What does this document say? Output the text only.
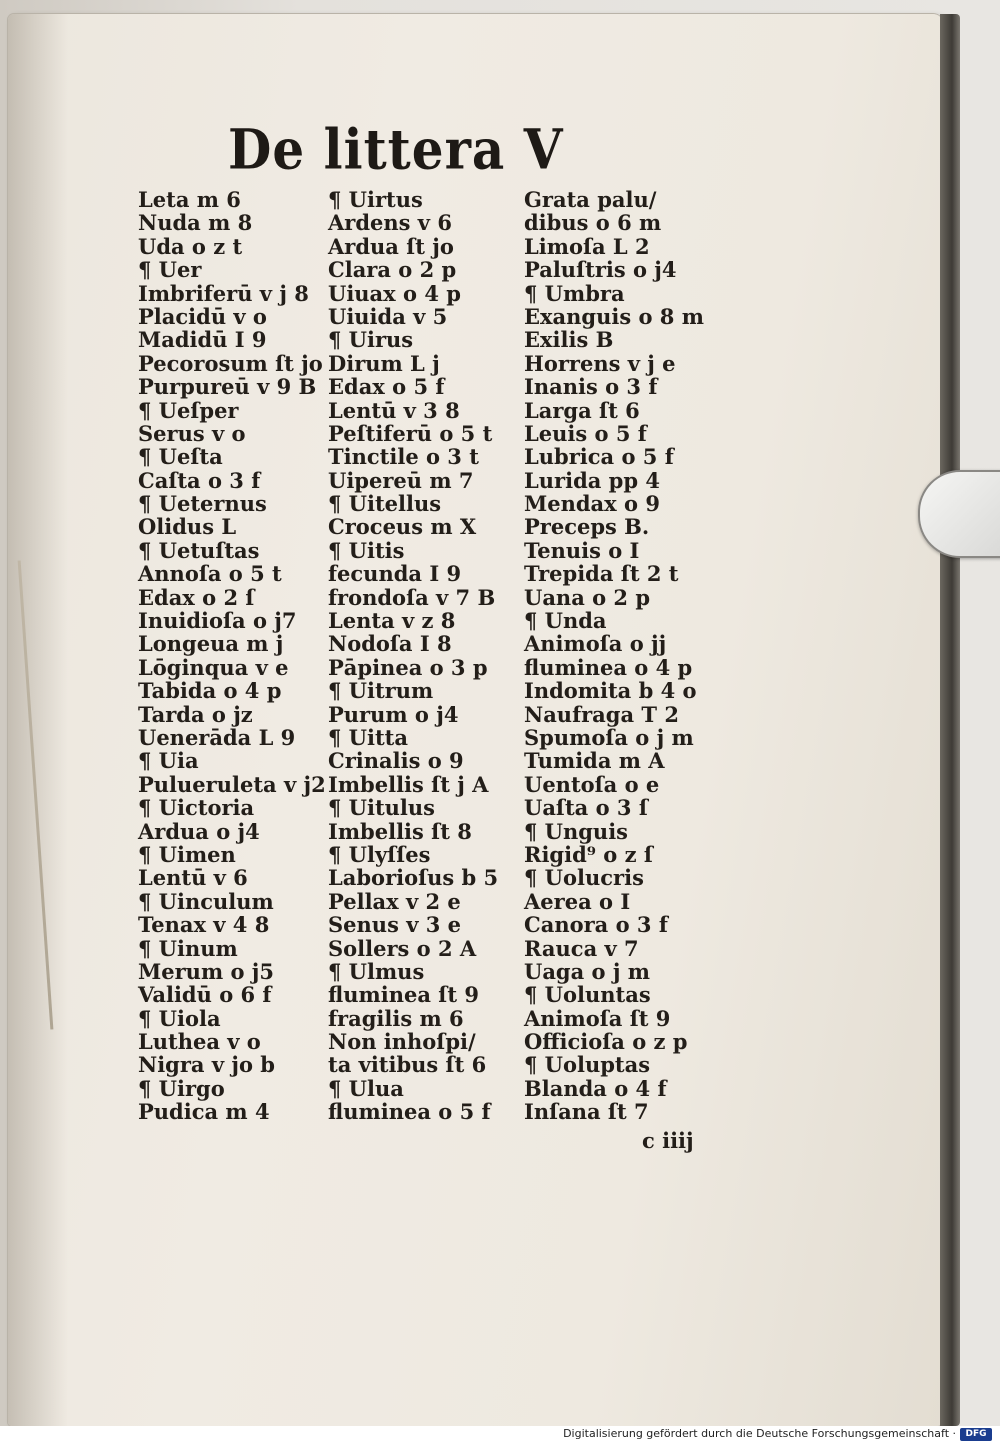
De littera V
Leta m 6
Nuda m 8
Uda o z t
¶ Uer
Imbriferū v j 8
Placidū v o
Madidū I 9
Pecorosum ſt jo
Purpureū v 9 B
¶ Ueſper
Serus v o
¶ Ueſta
Caſta o 3 f
¶ Ueternus
Olidus L
¶ Uetuſtas
Annoſa o 5 t
Edax o 2 ſ
Inuidioſa o j7
Longeua m j
Lōginqua v e
Tabida o 4 p
Tarda o jz
Uenerāda L 9
¶ Uia
Pulueruleta v j2
¶ Uictoria
Ardua o j4
¶ Uimen
Lentū v 6
¶ Uinculum
Tenax v 4 8
¶ Uinum
Merum o j5
Validū o 6 f
¶ Uiola
Luthea v o
Nigra v jo b
¶ Uirgo
Pudica m 4
¶ Uirtus
Ardens v 6
Ardua ſt jo
Clara o 2 p
Uiuax o 4 p
Uiuida v 5
¶ Uirus
Dirum L j
Edax o 5 f
Lentū v 3 8
Peſtiferū o 5 t
Tinctile o 3 t
Uipereū m 7
¶ Uitellus
Croceus m X
¶ Uitis
fecunda I 9
frondoſa v 7 B
Lenta v z 8
Nodoſa I 8
Pāpinea o 3 p
¶ Uitrum
Purum o j4
¶ Uitta
Crinalis o 9
Imbellis ſt j A
¶ Uitulus
Imbellis ſt 8
¶ Ulyſſes
Laborioſus b 5
Pellax v 2 e
Senus v 3 e
Sollers o 2 A
¶ Ulmus
fluminea ſt 9
fragilis m 6
Non inhoſpi/
ta vitibus ſt 6
¶ Ulua
fluminea o 5 f
Grata palu/
dibus o 6 m
Limoſa L 2
Paluſtris o j4
¶ Umbra
Exanguis o 8 m
Exilis B
Horrens v j e
Inanis o 3 f
Larga ſt 6
Leuis o 5 f
Lubrica o 5 f
Lurida pp 4
Mendax o 9
Preceps B.
Tenuis o I
Trepida ſt 2 t
Uana o 2 p
¶ Unda
Animoſa o jj
fluminea o 4 p
Indomita b 4 o
Naufraga T 2
Spumoſa o j m
Tumida m A
Uentoſa o e
Uaſta o 3 ſ
¶ Unguis
Rigid⁹ o z ſ
¶ Uolucris
Aerea o I
Canora o 3 f
Rauca v 7
Uaga o j m
¶ Uoluntas
Animoſa ſt 9
Officioſa o z p
¶ Uoluptas
Blanda o 4 f
Inſana ſt 7
c iiij
Digitalisierung gefördert durch die Deutsche Forschungsgemeinschaft ·	DFG
